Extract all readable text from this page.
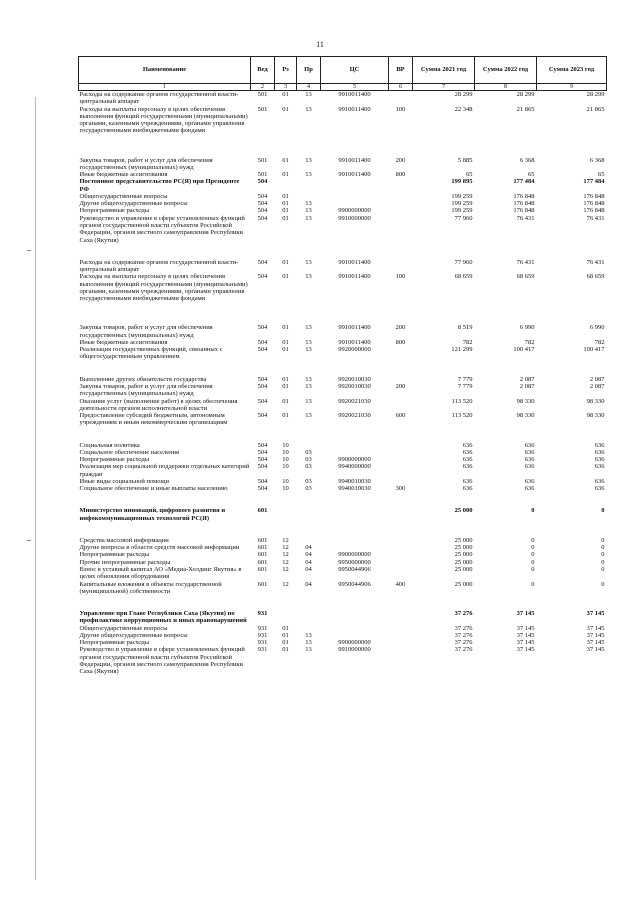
11
Наименование	Вед	Рз	Пр	ЦС	ВР	Сумма 2021 год	Сумма 2022 год	Сумма 2023 год
1	2	3	4	5	6	7	8	9
Расходы на содержание органов государственной власти- центральный аппарат	501	01	13	9910011400		28 299	28 299	28 299
Расходы на выплаты персоналу в целях обеспечения выполнения функций государственными (муниципальными) органами, казенными учреждениями, органами управления государственными внебюджетными фондами	501	01	13	9910011400	100	22 348	21 865	21 865

Закупка товаров, работ и услуг для обеспечения государственных (муниципальных) нужд	501	01	13	9910011400	200	5 885	6 368	6 368
Иные бюджетные ассигнования	501	01	13	9910011400	800	65	65	65
Постоянное представительство РС(Я) при Президенте РФ	504					199 895	177 484	177 484
Общегосударственные вопросы	504	01				199 259	176 848	176 848
Другие общегосударственные вопросы	504	01	13			199 259	176 848	176 848
Непрограммные расходы	504	01	13	9900000000		199 259	176 848	176 848
Руководство и управление в сфере установленных функций органов государственной власти субъектов Российской Федерации, органов местного самоуправления Республики Саха (Якутия)	504	01	13	9910000000		77 960	76 431	76 431

Расходы на содержание органов государственной власти- центральный аппарат	504	01	13	9910011400		77 960	76 431	76 431
Расходы на выплаты персоналу в целях обеспечения выполнения функций государственными (муниципальными) органами, казенными учреждениями, органами управления государственными внебюджетными фондами	504	01	13	9910011400	100	68 659	68 659	68 659

Закупка товаров, работ и услуг для обеспечения государственных (муниципальных) нужд	504	01	13	9910011400	200	8 519	6 990	6 990
Иные бюджетные ассигнования	504	01	13	9910011400	800	782	782	782
Реализация государственных функций, связанных с общегосударственным управлением	504	01	13	9920000000		121 299	100 417	100 417

Выполнение других обязательств государства	504	01	13	9920010030		7 779	2 087	2 087
Закупка товаров, работ и услуг для обеспечения государственных (муниципальных) нужд	504	01	13	9920010030	200	7 779	2 087	2 087
Оказание услуг (выполнение работ) в целях обеспечения деятельности органов исполнительной власти	504	01	13	9920021030		113 520	98 330	98 330
Предоставление субсидий бюджетным, автономным учреждениям и иным некоммерческим организациям	504	01	13	9920021030	600	113 520	98 330	98 330

Социальная политика	504	10				636	636	636
Социальное обеспечение населения	504	10	03			636	636	636
Непрограммные расходы	504	10	03	9900000000		636	636	636
Реализация мер социальной поддержки отдельных категорий граждан	504	10	03	9940000000		636	636	636
Иные виды социальной помощи	504	10	03	9940010030		636	636	636
Социальное обеспечение и иные выплаты населению	504	10	03	9940010030	300	636	636	636

Министерство инноваций, цифрового развития и инфокоммуникационных технологий РС(Я)	601					25 000	0	0

Средства массовой информации	601	12				25 000	0	0
Другие вопросы в области средств массовой информации	601	12	04			25 000	0	0
Непрограммные расходы	601	12	04	9900000000		25 000	0	0
Прочие непрограммные расходы	601	12	04	9950000000		25 000	0	0
Взнос в уставный капитал АО «Медиа-Холдинг Якутия» в целях обновления оборудования	601	12	04	9950044906		25 000	0	0
Капитальные вложения в объекты государственной (муниципальной) собственности	601	12	04	9950044906	400	25 000	0	0

Управление при Главе Республики Саха (Якутия) по профилактике коррупционных и иных правонарушений	931					37 276	37 145	37 145
Общегосударственные вопросы	931	01				37 276	37 145	37 145
Другие общегосударственные вопросы	931	01	13			37 276	37 145	37 145
Непрограммные расходы	931	01	13	9900000000		37 276	37 145	37 145
Руководство и управление в сфере установленных функций органов государственной власти субъектов Российской Федерации, органов местного самоуправления Республики Саха (Якутия)	931	01	13	9910000000		37 276	37 145	37 145
